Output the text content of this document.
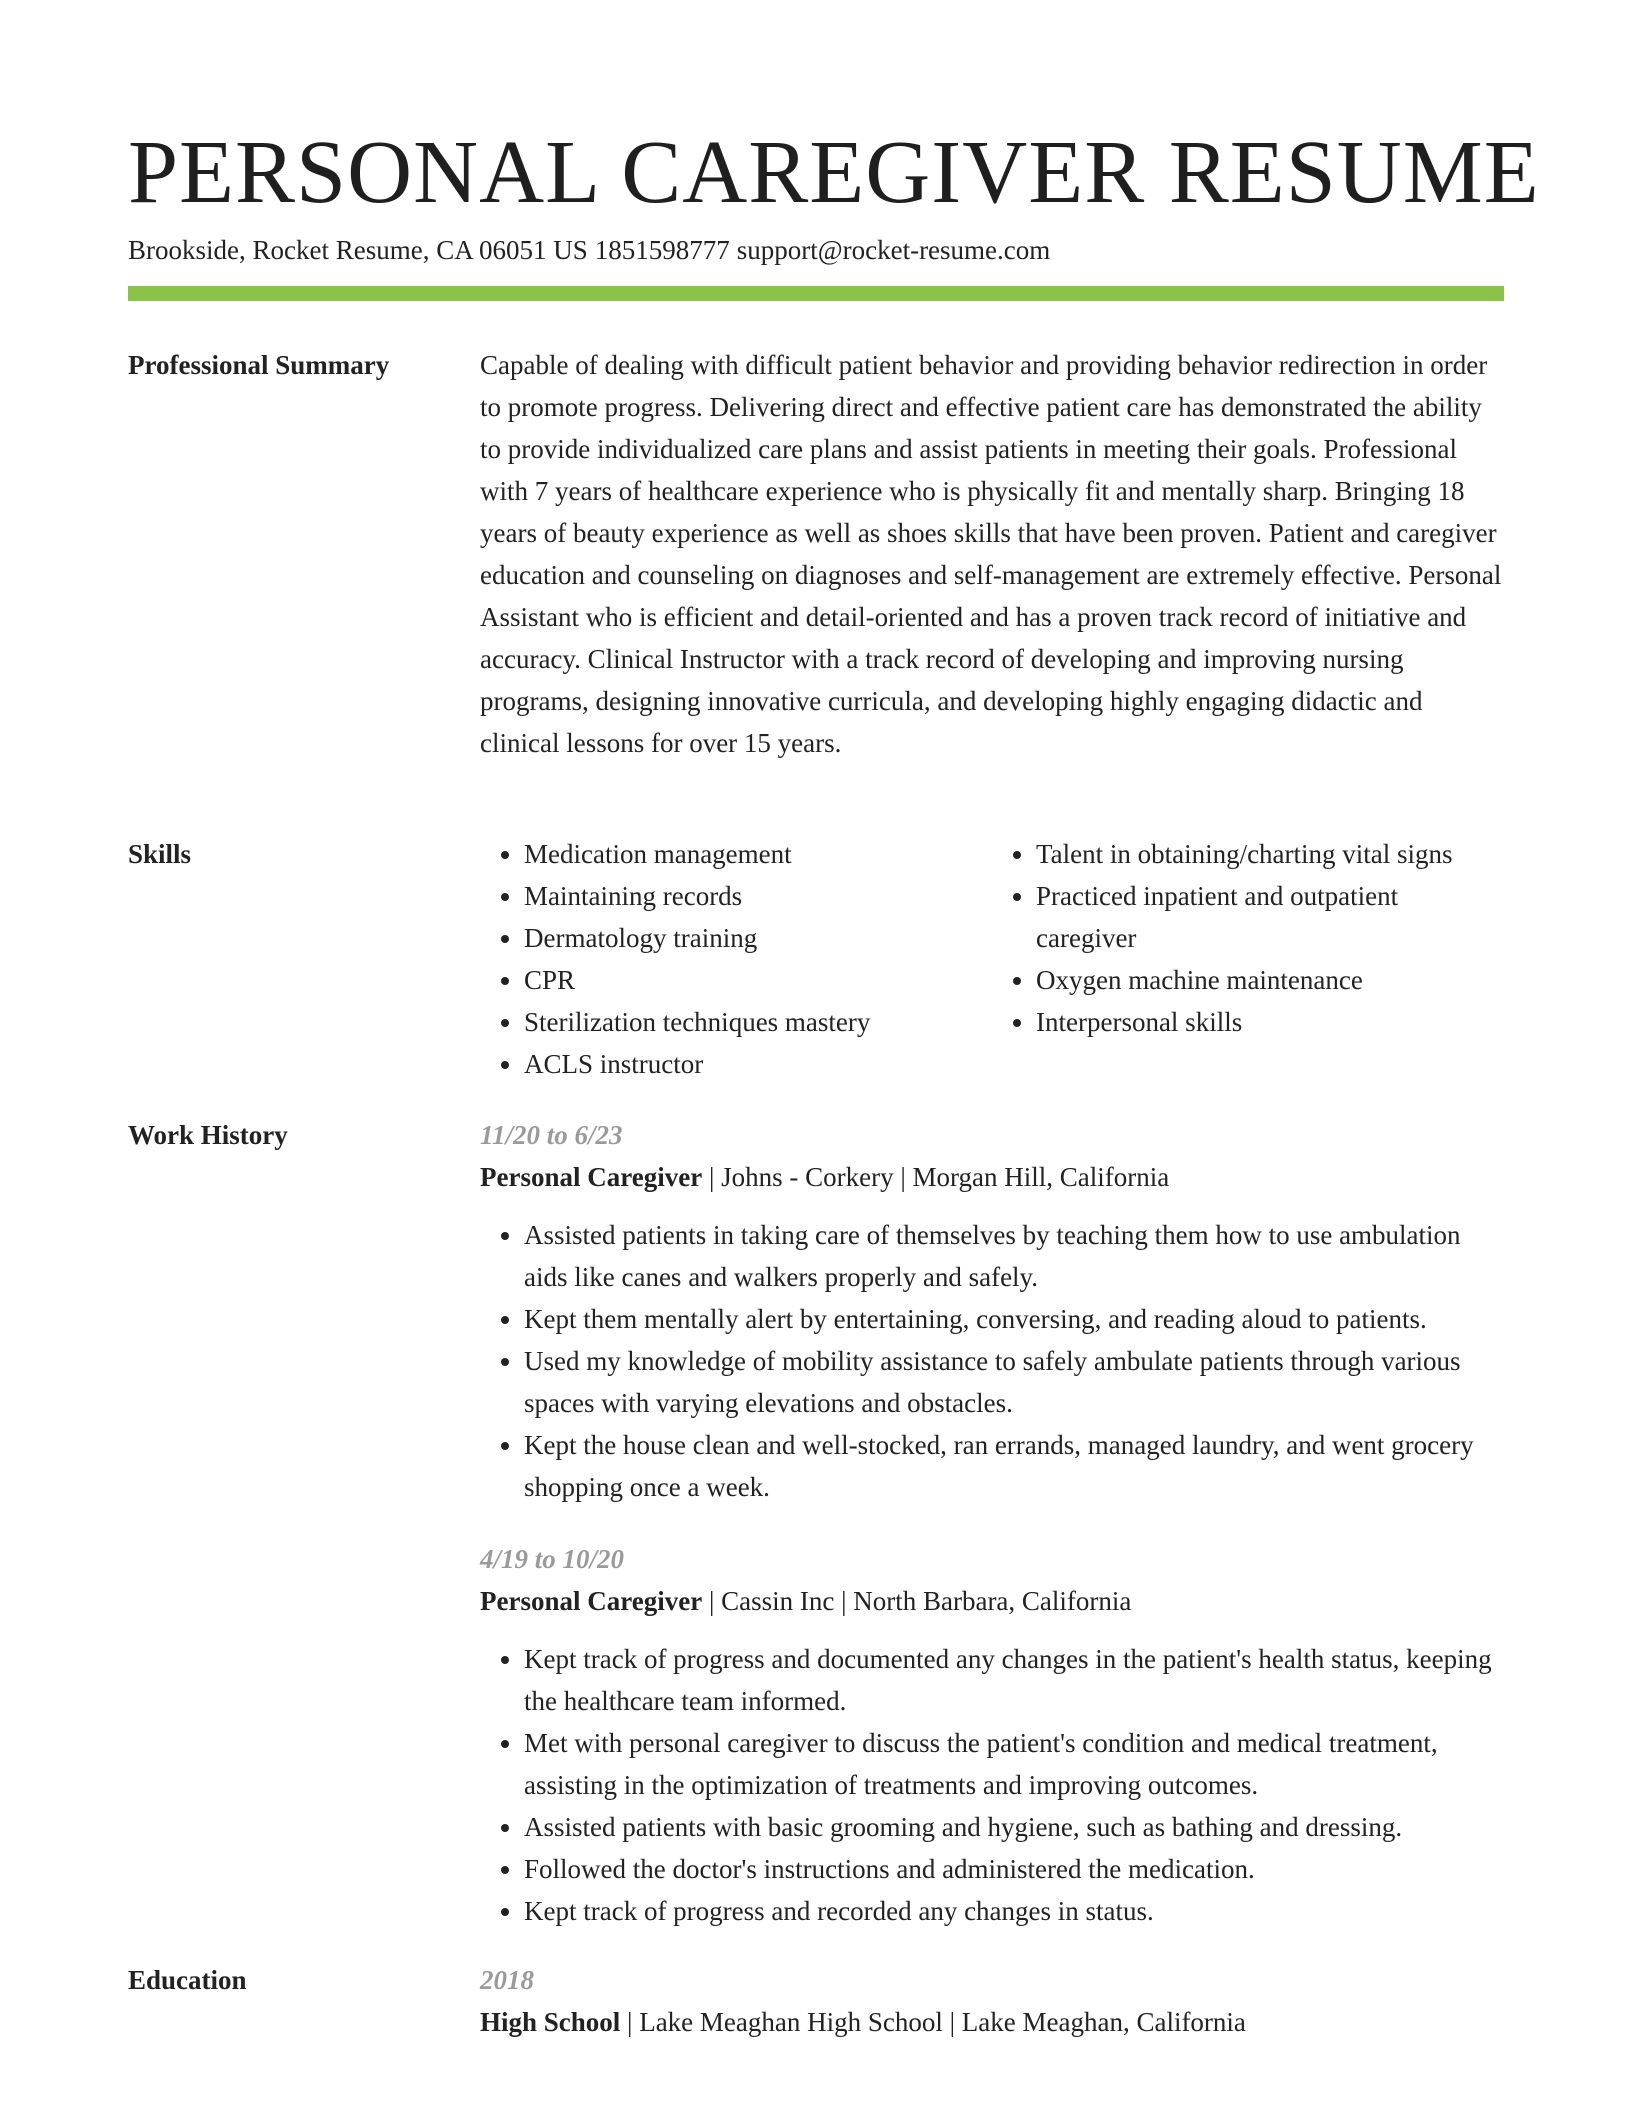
PERSONAL CAREGIVER RESUME
Brookside, Rocket Resume, CA 06051 US 1851598777 support@rocket-resume.com
Professional Summary	Capable of dealing with difficult patient behavior and providing behavior redirection in order to promote progress. Delivering direct and effective patient care has demonstrated the ability to provide individualized care plans and assist patients in meeting their goals. Professional with 7 years of healthcare experience who is physically fit and mentally sharp. Bringing 18 years of beauty experience as well as shoes skills that have been proven. Patient and caregiver education and counseling on diagnoses and self-management are extremely effective. Personal Assistant who is efficient and detail-oriented and has a proven track record of initiative and accuracy. Clinical Instructor with a track record of developing and improving nursing programs, designing innovative curricula, and developing highly engaging didactic and clinical lessons for over 15 years.

Skills
•	Medication management
• Maintaining records
• Dermatology training
• CPR
• Sterilization techniques mastery
• ACLS instructor
• Talent in obtaining/charting vital signs
• Practiced inpatient and outpatient caregiver
• Oxygen machine maintenance
• Interpersonal skills
Work History	11/20 to 6/23
Personal Caregiver | Johns - Corkery | Morgan Hill, California
• Assisted patients in taking care of themselves by teaching them how to use ambulation aids like canes and walkers properly and safely.
• Kept them mentally alert by entertaining, conversing, and reading aloud to patients.
• Used my knowledge of mobility assistance to safely ambulate patients through various spaces with varying elevations and obstacles.
• Kept the house clean and well-stocked, ran errands, managed laundry, and went grocery shopping once a week.
4/19 to 10/20
Personal Caregiver | Cassin Inc | North Barbara, California
• Kept track of progress and documented any changes in the patient's health status, keeping the healthcare team informed.
• Met with personal caregiver to discuss the patient's condition and medical treatment, assisting in the optimization of treatments and improving outcomes.
• Assisted patients with basic grooming and hygiene, such as bathing and dressing.
• Followed the doctor's instructions and administered the medication.
• Kept track of progress and recorded any changes in status.
Education	2018
High School | Lake Meaghan High School | Lake Meaghan, California
